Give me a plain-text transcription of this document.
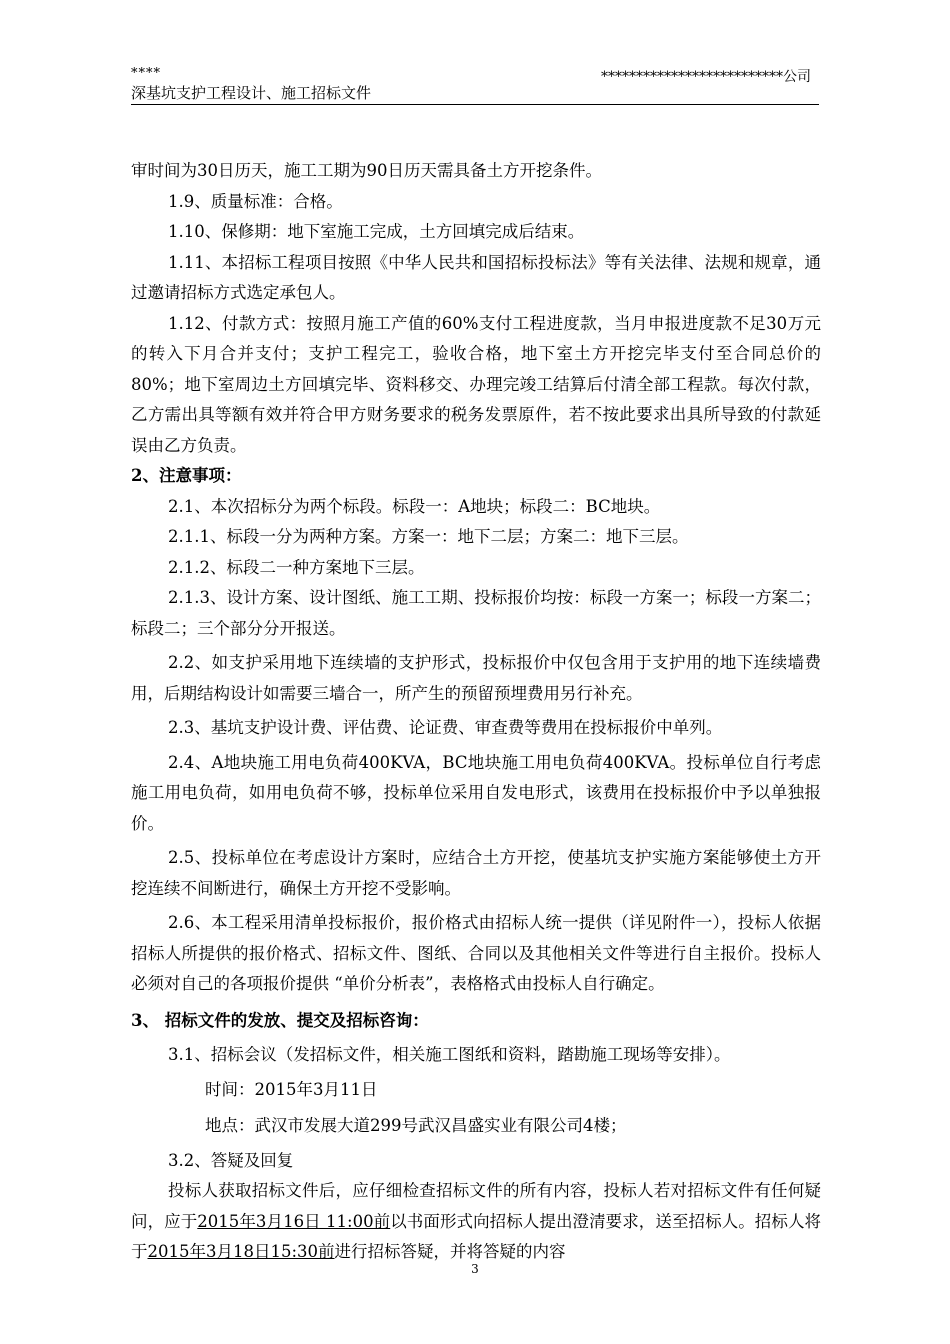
****	**************************公司
深基坑支护工程设计、施工招标文件

审时间为30日历天，施工工期为90日历天需具备土方开挖条件。

1.9、质量标准：合格。

1.10、保修期：地下室施工完成，土方回填完成后结束。

1.11、本招标工程项目按照《中华人民共和国招标投标法》等有关法律、法规和规章，通过邀请招标方式选定承包人。

1.12、付款方式：按照月施工产值的60%支付工程进度款，当月申报进度款不足30万元的转入下月合并支付；支护工程完工，验收合格，地下室土方开挖完毕支付至合同总价的80%；地下室周边土方回填完毕、资料移交、办理完竣工结算后付清全部工程款。每次付款，乙方需出具等额有效并符合甲方财务要求的税务发票原件，若不按此要求出具所导致的付款延误由乙方负责。

2、注意事项：

2.1、本次招标分为两个标段。标段一：A地块；标段二：BC地块。

2.1.1、标段一分为两种方案。方案一：地下二层；方案二：地下三层。

2.1.2、标段二一种方案地下三层。

2.1.3、设计方案、设计图纸、施工工期、投标报价均按：标段一方案一；标段一方案二；标段二；三个部分分开报送。

2.2、如支护采用地下连续墙的支护形式，投标报价中仅包含用于支护用的地下连续墙费用，后期结构设计如需要三墙合一，所产生的预留预埋费用另行补充。

2.3、基坑支护设计费、评估费、论证费、审查费等费用在投标报价中单列。

2.4、A地块施工用电负荷400KVA，BC地块施工用电负荷400KVA。投标单位自行考虑施工用电负荷，如用电负荷不够，投标单位采用自发电形式，该费用在投标报价中予以单独报价。

2.5、投标单位在考虑设计方案时，应结合土方开挖，使基坑支护实施方案能够使土方开挖连续不间断进行，确保土方开挖不受影响。

2.6、本工程采用清单投标报价，报价格式由招标人统一提供（详见附件一），投标人依据招标人所提供的报价格式、招标文件、图纸、合同以及其他相关文件等进行自主报价。投标人必须对自己的各项报价提供 “单价分析表”，表格格式由投标人自行确定。

3、 招标文件的发放、提交及招标咨询：

3.1、招标会议（发招标文件，相关施工图纸和资料，踏勘施工现场等安排）。

时间：2015年3月11日

地点：武汉市发展大道299号武汉昌盛实业有限公司4楼；

3.2、答疑及回复

投标人获取招标文件后，应仔细检查招标文件的所有内容，投标人若对招标文件有任何疑问，应于2015年3月16日 11:00前以书面形式向招标人提出澄清要求，送至招标人。招标人将于2015年3月18日15:30前进行招标答疑，并将答疑的内容

3
